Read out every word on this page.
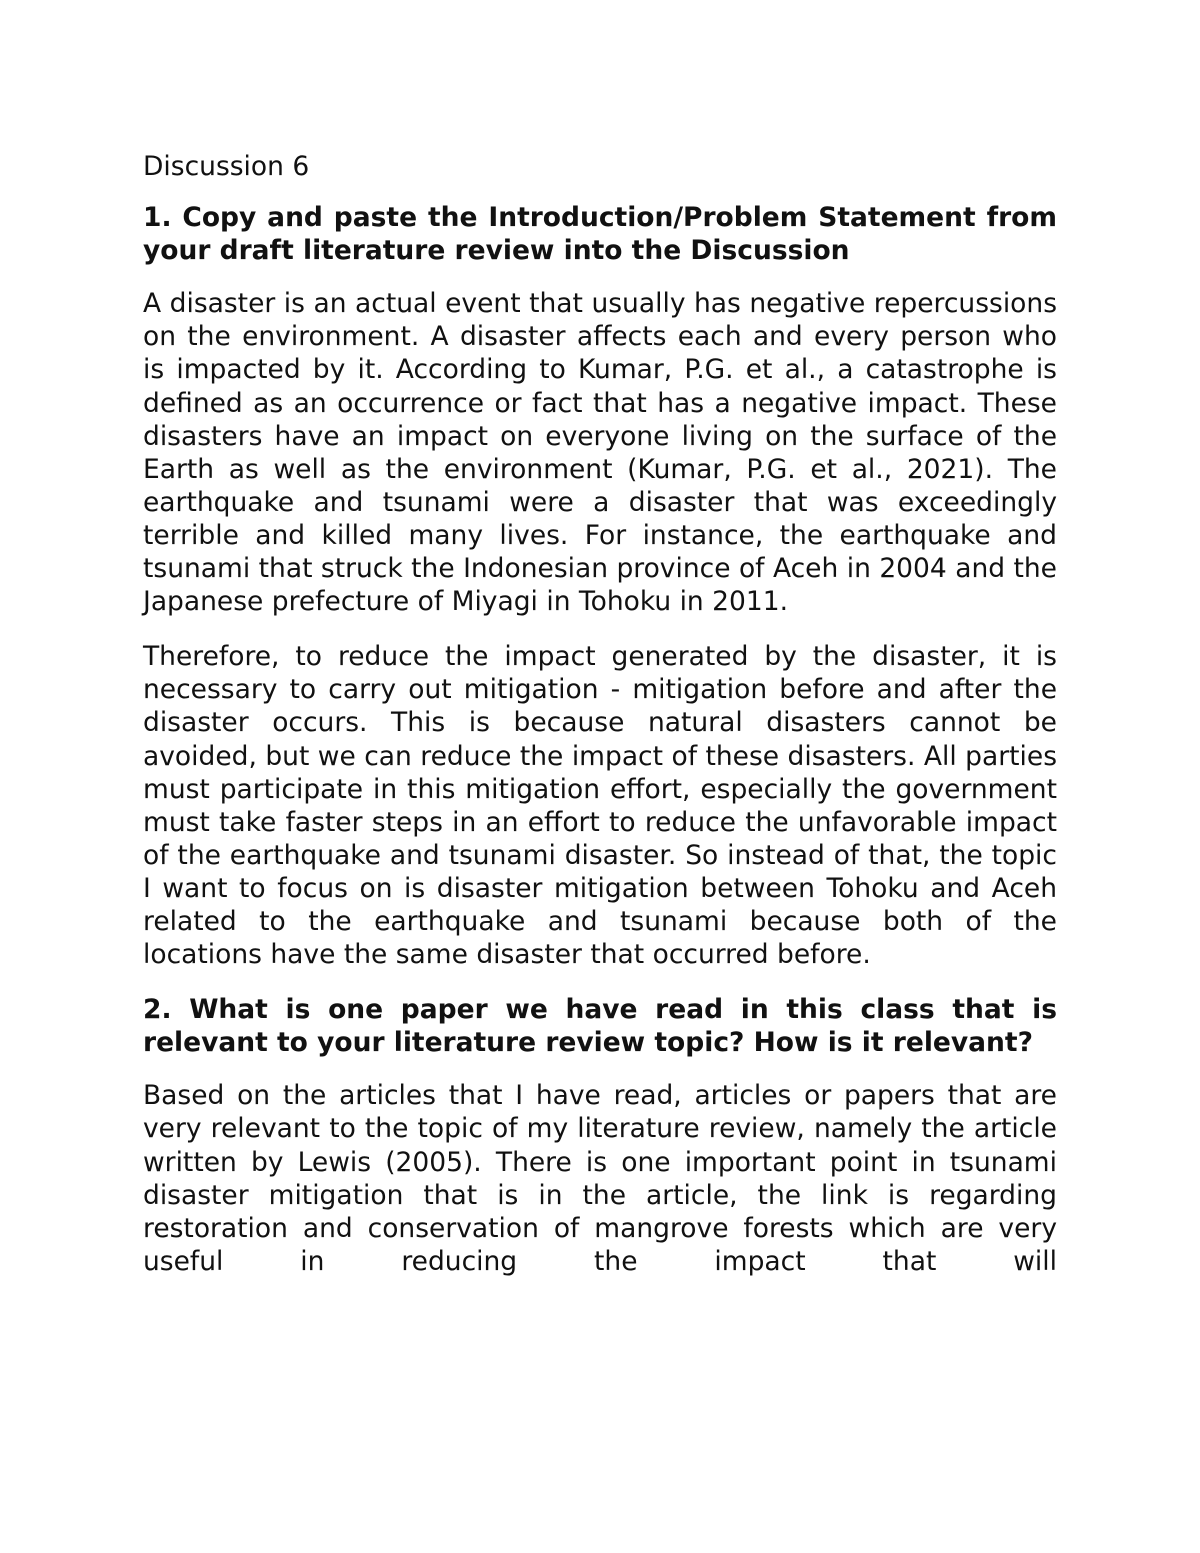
Discussion 6

1. Copy and paste the Introduction/Problem Statement from your draft literature review into the Discussion

A disaster is an actual event that usually has negative repercussions on the environment. A disaster affects each and every person who is impacted by it. According to Kumar, P.G. et al., a catastrophe is defined as an occurrence or fact that has a negative impact. These disasters have an impact on everyone living on the surface of the Earth as well as the environment (Kumar, P.G. et al., 2021). The earthquake and tsunami were a disaster that was exceedingly terrible and killed many lives. For instance, the earthquake and tsunami that struck the Indonesian province of Aceh in 2004 and the Japanese prefecture of Miyagi in Tohoku in 2011.

Therefore, to reduce the impact generated by the disaster, it is necessary to carry out mitigation - mitigation before and after the disaster occurs. This is because natural disasters cannot be avoided, but we can reduce the impact of these disasters. All parties must participate in this mitigation effort, especially the government must take faster steps in an effort to reduce the unfavorable impact of the earthquake and tsunami disaster. So instead of that, the topic I want to focus on is disaster mitigation between Tohoku and Aceh related to the earthquake and tsunami because both of the locations have the same disaster that occurred before.

2. What is one paper we have read in this class that is relevant to your literature review topic? How is it relevant?

Based on the articles that I have read, articles or papers that are very relevant to the topic of my literature review, namely the article written by Lewis (2005). There is one important point in tsunami disaster mitigation that is in the article, the link is regarding restoration and conservation of mangrove forests which are very useful in reducing the impact that will
